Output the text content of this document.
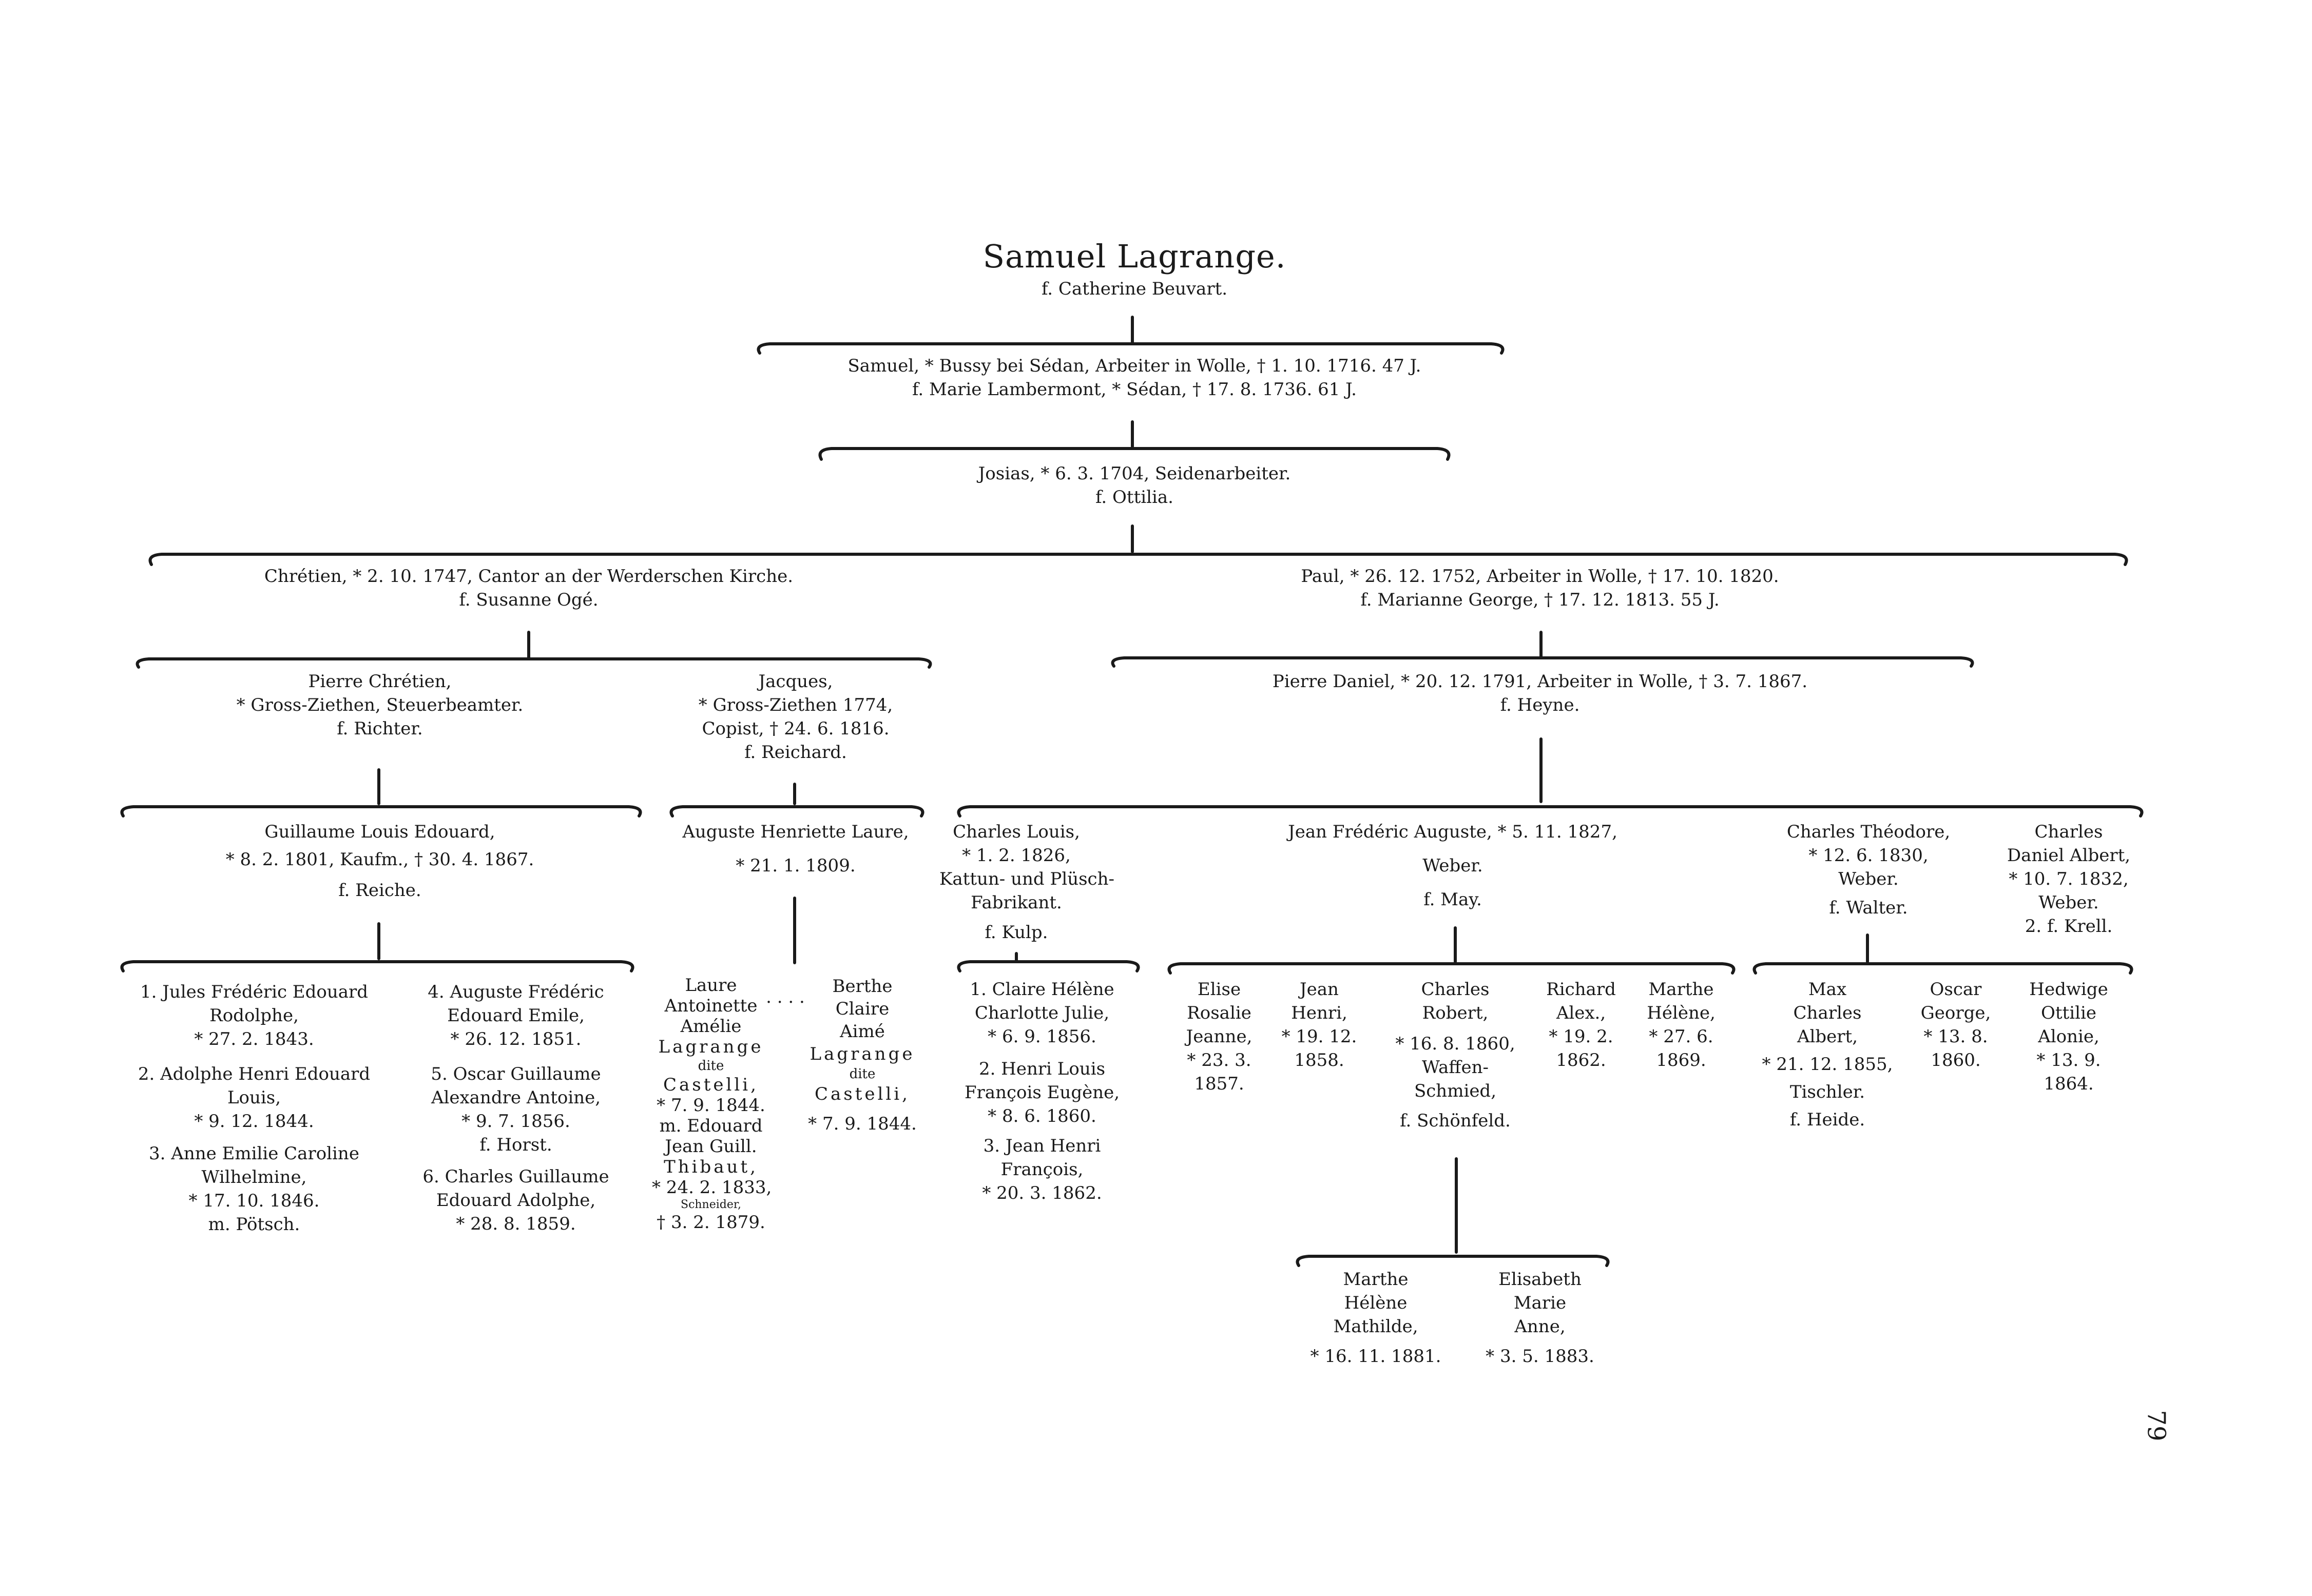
Samuel Lagrange.
f. Catherine Beuvart.
Samuel, * Bussy bei Sédan, Arbeiter in Wolle, † 1. 10. 1716. 47 J.
f. Marie Lambermont, * Sédan, † 17. 8. 1736. 61 J.
Josias, * 6. 3. 1704, Seidenarbeiter.
f. Ottilia.
Chrétien, * 2. 10. 1747, Cantor an der Werderschen Kirche.
f. Susanne Ogé.
Paul, * 26. 12. 1752, Arbeiter in Wolle, † 17. 10. 1820.
f. Marianne George, † 17. 12. 1813. 55 J.
Pierre Chrétien,
* Gross-Ziethen, Steuerbeamter.
f. Richter.
Jacques,
* Gross-Ziethen 1774,
Copist, † 24. 6. 1816.
f. Reichard.
Pierre Daniel, * 20. 12. 1791, Arbeiter in Wolle, † 3. 7. 1867.
f. Heyne.
Guillaume Louis Edouard,
* 8. 2. 1801, Kaufm., † 30. 4. 1867.
f. Reiche.
Auguste Henriette Laure,
* 21. 1. 1809.
Charles Louis,
* 1. 2. 1826,
Kattun- und Plüsch-
Fabrikant.
f. Kulp.
Jean Frédéric Auguste, * 5. 11. 1827,
Weber.
f. May.
Charles Théodore,
* 12. 6. 1830,
Weber.
f. Walter.
Charles
Daniel Albert,
* 10. 7. 1832,
Weber.
2. f. Krell.
1. Jules Frédéric Edouard
Rodolphe,
* 27. 2. 1843.
2. Adolphe Henri Edouard
Louis,
* 9. 12. 1844.
3. Anne Emilie Caroline
Wilhelmine,
* 17. 10. 1846.
m. Pötsch.
4. Auguste Frédéric
Edouard Emile,
* 26. 12. 1851.
5. Oscar Guillaume
Alexandre Antoine,
* 9. 7. 1856.
f. Horst.
6. Charles Guillaume
Edouard Adolphe,
* 28. 8. 1859.
Laure
Antoinette
Amélie
Lagrange
dite
Castelli,
* 7. 9. 1844.
m. Edouard
Jean Guill.
Thibaut,
* 24. 2. 1833,
Schneider,
† 3. 2. 1879.
. . . .
Berthe
Claire
Aimé
Lagrange
dite
Castelli,
* 7. 9. 1844.
1. Claire Hélène
Charlotte Julie,
* 6. 9. 1856.
2. Henri Louis
François Eugène,
* 8. 6. 1860.
3. Jean Henri
François,
* 20. 3. 1862.
Elise
Rosalie
Jeanne,
* 23. 3.
1857.
Jean
Henri,
* 19. 12.
1858.
Charles
Robert,
* 16. 8. 1860,
Waffen-
Schmied,
f. Schönfeld.
Richard
Alex.,
* 19. 2.
1862.
Marthe
Hélène,
* 27. 6.
1869.
Max
Charles
Albert,
* 21. 12. 1855,
Tischler.
f. Heide.
Oscar
George,
* 13. 8.
1860.
Hedwige
Ottilie
Alonie,
* 13. 9.
1864.
Marthe
Hélène
Mathilde,
* 16. 11. 1881.
Elisabeth
Marie
Anne,
* 3. 5. 1883.
79
